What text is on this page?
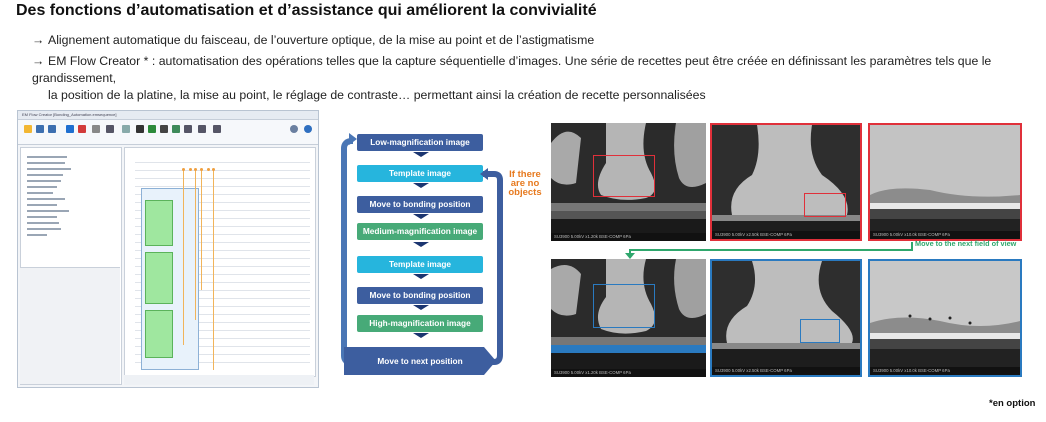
Des fonctions d’automatisation et d’assistance qui améliorent la convivialité
→ Alignement automatique du faisceau, de l’ouverture optique, de la mise au point et de l’astigmatisme
→ EM Flow Creator * : automatisation des opérations telles que la capture séquentielle d’images. Une série de recettes peut être créée en définissant les paramètres tels que le grandissement,
la position de la platine, la mise au point, le réglage de contraste… permettant ainsi la création de recette personnalisées
EM Flow Creator [Bonding_Automation.emsequence]
Low-magnification image
Template image
Move to bonding position
Medium-magnification image
Template image
Move to bonding position
High-magnification image
Move to next position
If there are no objects
SU3900 5.00kV x1.20k BSE-COMP 6Pa	SU3900 5.00kV x2.50k BSE-COMP 6Pa	SU3900 5.00kV x10.0k BSE-COMP 6Pa
Move to the next field of view
SU3900 5.00kV x1.20k BSE-COMP 6Pa	SU3900 5.00kV x2.50k BSE-COMP 6Pa	SU3900 5.00kV x10.0k BSE-COMP 6Pa
*en option
